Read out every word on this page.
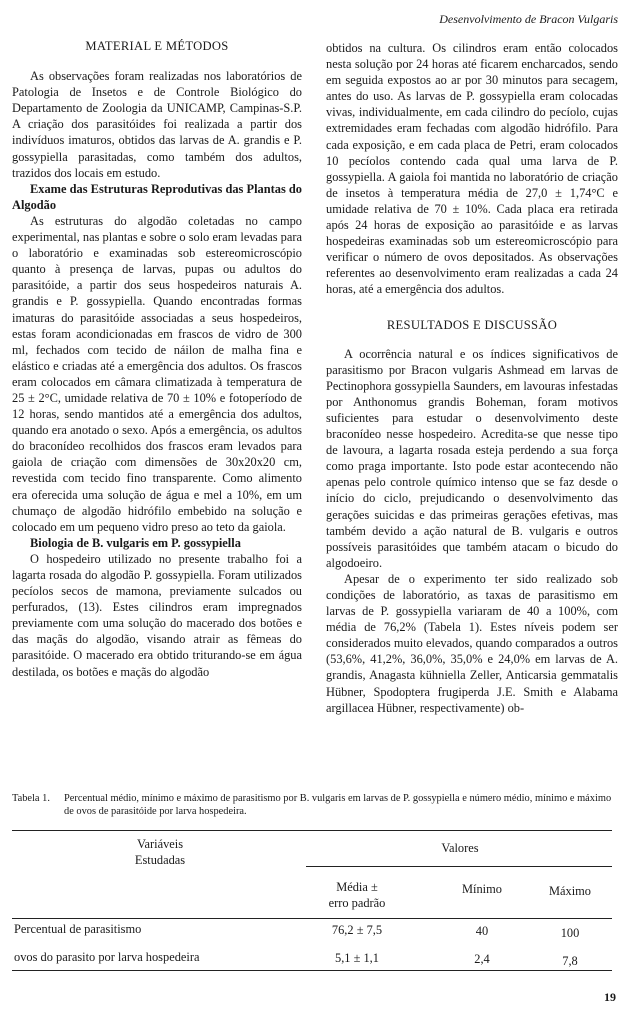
Desenvolvimento de Bracon Vulgaris
MATERIAL E MÉTODOS

As observações foram realizadas nos laboratórios de Patologia de Insetos e de Controle Biológico do Departamento de Zoologia da UNICAMP, Campinas-S.P. A criação dos parasitóides foi realizada a partir dos indivíduos imaturos, obtidos das larvas de A. grandis e P. gossypiella parasitadas, como também dos adultos, trazidos dos locais em estudo.

Exame das Estruturas Reprodutivas das Plantas do Algodão

As estruturas do algodão coletadas no campo experimental, nas plantas e sobre o solo eram levadas para o laboratório e examinadas sob estereomicroscópio quanto à presença de larvas, pupas ou adultos do parasitóide, a partir dos seus hospedeiros naturais A. grandis e P. gossypiella. Quando encontradas formas imaturas do parasitóide associadas a seus hospedeiros, estas foram acondicionadas em frascos de vidro de 300 ml, fechados com tecido de náilon de malha fina e elástico e criadas até a emergência dos adultos. Os frascos eram colocados em câmara climatizada à temperatura de 25 ± 2°C, umidade relativa de 70 ± 10% e fotoperíodo de 12 horas, sendo mantidos até a emergência dos adultos, quando era anotado o sexo. Após a emergência, os adultos do braconídeo recolhidos dos frascos eram levados para gaiola de criação com dimensões de 30x20x20 cm, revestida com tecido fino transparente. Como alimento era oferecida uma solução de água e mel a 10%, em um chumaço de algodão hidrófilo embebido na solução e colocado em um pequeno vidro preso ao teto da gaiola.

Biologia de B. vulgaris em P. gossypiella

O hospedeiro utilizado no presente trabalho foi a lagarta rosada do algodão P. gossypiella. Foram utilizados pecíolos secos de mamona, previamente sulcados ou perfurados, (13). Estes cilindros eram impregnados previamente com uma solução do macerado dos botões e das maçãs do algodão, visando atrair as fêmeas do parasitóide. O macerado era obtido triturando-se em água destilada, os botões e maçãs do algodão

obtidos na cultura. Os cilindros eram então colocados nesta solução por 24 horas até ficarem encharcados, sendo em seguida expostos ao ar por 30 minutos para secagem, antes do uso. As larvas de P. gossypiella eram colocadas vivas, individualmente, em cada cilindro do pecíolo, cujas extremidades eram fechadas com algodão hidrófilo. Para cada exposição, e em cada placa de Petri, eram colocados 10 pecíolos contendo cada qual uma larva de P. gossypiella. A gaiola foi mantida no laboratório de criação de insetos à temperatura média de 27,0 ± 1,74°C e umidade relativa de 70 ± 10%. Cada placa era retirada após 24 horas de exposição ao parasitóide e as larvas hospedeiras examinadas sob um estereomicroscópio para verificar o número de ovos depositados. As observações referentes ao desenvolvimento eram realizadas a cada 24 horas, até a emergência dos adultos.

RESULTADOS E DISCUSSÃO

A ocorrência natural e os índices significativos de parasitismo por Bracon vulgaris Ashmead em larvas de Pectinophora gossypiella Saunders, em lavouras infestadas por Anthonomus grandis Boheman, foram motivos suficientes para estudar o desenvolvimento deste braconídeo nesse hospedeiro. Acredita-se que nesse tipo de lavoura, a lagarta rosada esteja perdendo a sua força como praga importante. Isto pode estar acontecendo não apenas pelo controle químico intenso que se faz desde o início do ciclo, prejudicando o desenvolvimento das gerações suicidas e das primeiras gerações efetivas, mas também devido a ação natural de B. vulgaris e outros possíveis parasitóides que também atacam o bicudo do algodoeiro.

Apesar de o experimento ter sido realizado sob condições de laboratório, as taxas de parasitismo em larvas de P. gossypiella variaram de 40 a 100%, com média de 76,2% (Tabela 1). Estes níveis podem ser considerados muito elevados, quando comparados a outros (53,6%, 41,2%, 36,0%, 35,0% e 24,0% em larvas de A. grandis, Anagasta kühniella Zeller, Anticarsia gemmatalis Hübner, Spodoptera frugiperda J.E. Smith e Alabama argillacea Hübner, respectivamente) ob-

Tabela 1. Percentual médio, mínimo e máximo de parasitismo por B. vulgaris em larvas de P. gossypiella e número médio, mínimo e máximo de ovos de parasitóide por larva hospedeira.
Variáveis
Estudadas
Valores
Média ±
erro padrão
Mínimo	Máximo
Percentual de parasitismo	76,2 ± 7,5	40	100
ovos do parasito por larva hospedeira	5,1 ± 1,1	2,4	7,8
19
